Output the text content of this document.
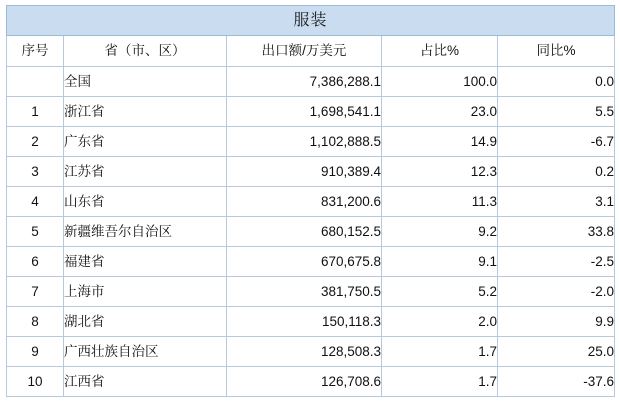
服装				
序号	省（市、区）	出口额/万美元	占比%	同比%
	全国	7,386,288.1	100.0	0.0
1	浙江省	1,698,541.1	23.0	5.5
2	广东省	1,102,888.5	14.9	-6.7
3	江苏省	910,389.4	12.3	0.2
4	山东省	831,200.6	11.3	3.1
5	新疆维吾尔自治区	680,152.5	9.2	33.8
6	福建省	670,675.8	9.1	-2.5
7	上海市	381,750.5	5.2	-2.0
8	湖北省	150,118.3	2.0	9.9
9	广西壮族自治区	128,508.3	1.7	25.0
10	江西省	126,708.6	1.7	-37.6
